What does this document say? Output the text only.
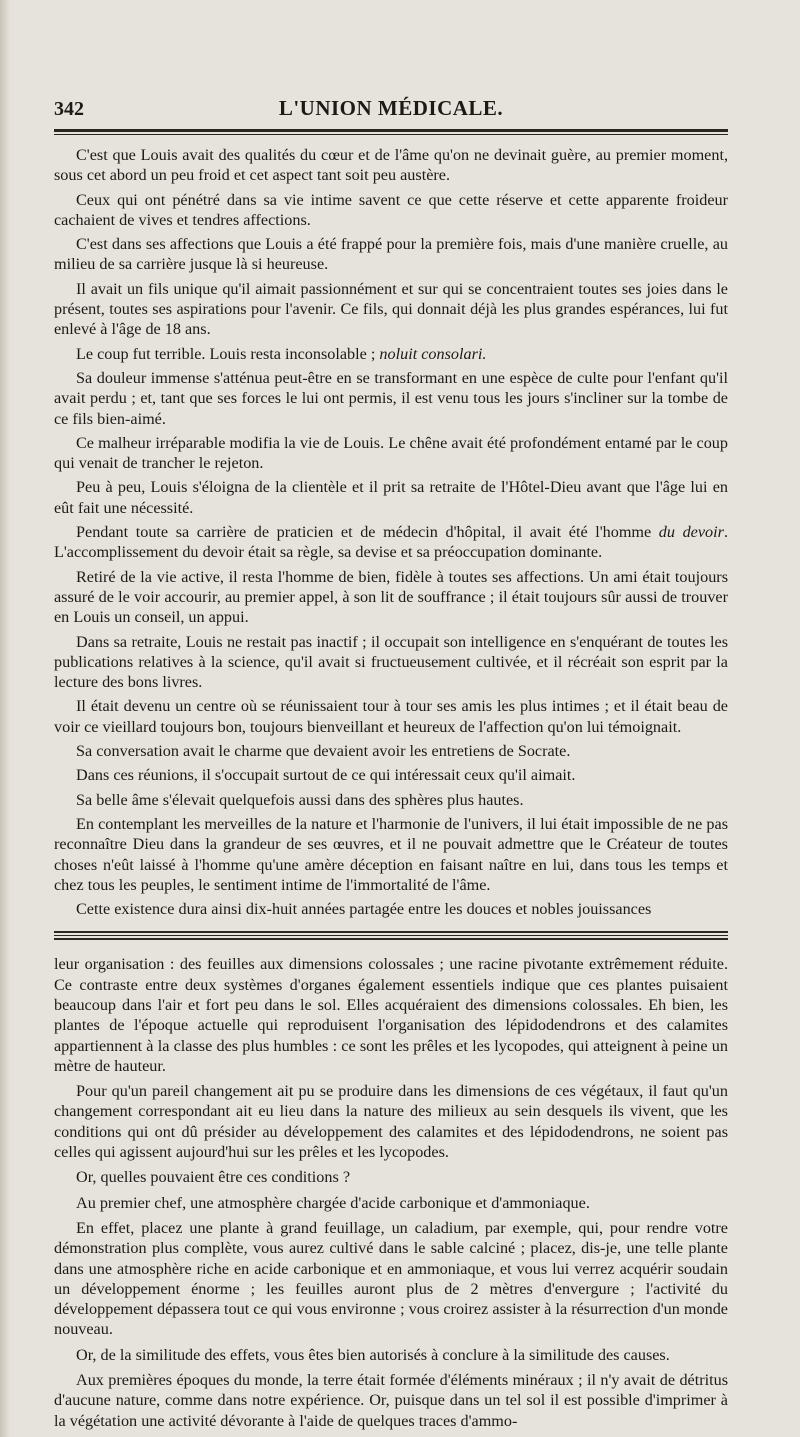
342	L'UNION MÉDICALE.

C'est que Louis avait des qualités du cœur et de l'âme qu'on ne devinait guère, au premier moment, sous cet abord un peu froid et cet aspect tant soit peu austère.

Ceux qui ont pénétré dans sa vie intime savent ce que cette réserve et cette apparente froideur cachaient de vives et tendres affections.

C'est dans ses affections que Louis a été frappé pour la première fois, mais d'une manière cruelle, au milieu de sa carrière jusque là si heureuse.

Il avait un fils unique qu'il aimait passionnément et sur qui se concentraient toutes ses joies dans le présent, toutes ses aspirations pour l'avenir. Ce fils, qui donnait déjà les plus grandes espérances, lui fut enlevé à l'âge de 18 ans.

Le coup fut terrible. Louis resta inconsolable ; noluit consolari.

Sa douleur immense s'atténua peut-être en se transformant en une espèce de culte pour l'enfant qu'il avait perdu ; et, tant que ses forces le lui ont permis, il est venu tous les jours s'incliner sur la tombe de ce fils bien-aimé.

Ce malheur irréparable modifia la vie de Louis. Le chêne avait été profondément entamé par le coup qui venait de trancher le rejeton.

Peu à peu, Louis s'éloigna de la clientèle et il prit sa retraite de l'Hôtel-Dieu avant que l'âge lui en eût fait une nécessité.

Pendant toute sa carrière de praticien et de médecin d'hôpital, il avait été l'homme du devoir. L'accomplissement du devoir était sa règle, sa devise et sa préoccupation dominante.

Retiré de la vie active, il resta l'homme de bien, fidèle à toutes ses affections. Un ami était toujours assuré de le voir accourir, au premier appel, à son lit de souffrance ; il était toujours sûr aussi de trouver en Louis un conseil, un appui.

Dans sa retraite, Louis ne restait pas inactif ; il occupait son intelligence en s'enquérant de toutes les publications relatives à la science, qu'il avait si fructueusement cultivée, et il récréait son esprit par la lecture des bons livres.

Il était devenu un centre où se réunissaient tour à tour ses amis les plus intimes ; et il était beau de voir ce vieillard toujours bon, toujours bienveillant et heureux de l'affection qu'on lui témoignait.

Sa conversation avait le charme que devaient avoir les entretiens de Socrate.

Dans ces réunions, il s'occupait surtout de ce qui intéressait ceux qu'il aimait.

Sa belle âme s'élevait quelquefois aussi dans des sphères plus hautes.

En contemplant les merveilles de la nature et l'harmonie de l'univers, il lui était impossible de ne pas reconnaître Dieu dans la grandeur de ses œuvres, et il ne pouvait admettre que le Créateur de toutes choses n'eût laissé à l'homme qu'une amère déception en faisant naître en lui, dans tous les temps et chez tous les peuples, le sentiment intime de l'immortalité de l'âme.

Cette existence dura ainsi dix-huit années partagée entre les douces et nobles jouissances

leur organisation : des feuilles aux dimensions colossales ; une racine pivotante extrêmement réduite. Ce contraste entre deux systèmes d'organes également essentiels indique que ces plantes puisaient beaucoup dans l'air et fort peu dans le sol. Elles acquéraient des dimensions colossales. Eh bien, les plantes de l'époque actuelle qui reproduisent l'organisation des lépidodendrons et des calamites appartiennent à la classe des plus humbles : ce sont les prêles et les lycopodes, qui atteignent à peine un mètre de hauteur.

Pour qu'un pareil changement ait pu se produire dans les dimensions de ces végétaux, il faut qu'un changement correspondant ait eu lieu dans la nature des milieux au sein desquels ils vivent, que les conditions qui ont dû présider au développement des calamites et des lépidodendrons, ne soient pas celles qui agissent aujourd'hui sur les prêles et les lycopodes.

Or, quelles pouvaient être ces conditions ?

Au premier chef, une atmosphère chargée d'acide carbonique et d'ammoniaque.

En effet, placez une plante à grand feuillage, un caladium, par exemple, qui, pour rendre votre démonstration plus complète, vous aurez cultivé dans le sable calciné ; placez, dis-je, une telle plante dans une atmosphère riche en acide carbonique et en ammoniaque, et vous lui verrez acquérir soudain un développement énorme ; les feuilles auront plus de 2 mètres d'envergure ; l'activité du développement dépassera tout ce qui vous environne ; vous croirez assister à la résurrection d'un monde nouveau.

Or, de la similitude des effets, vous êtes bien autorisés à conclure à la similitude des causes.

Aux premières époques du monde, la terre était formée d'éléments minéraux ; il n'y avait de détritus d'aucune nature, comme dans notre expérience. Or, puisque dans un tel sol il est possible d'imprimer à la végétation une activité dévorante à l'aide de quelques traces d'ammo-
